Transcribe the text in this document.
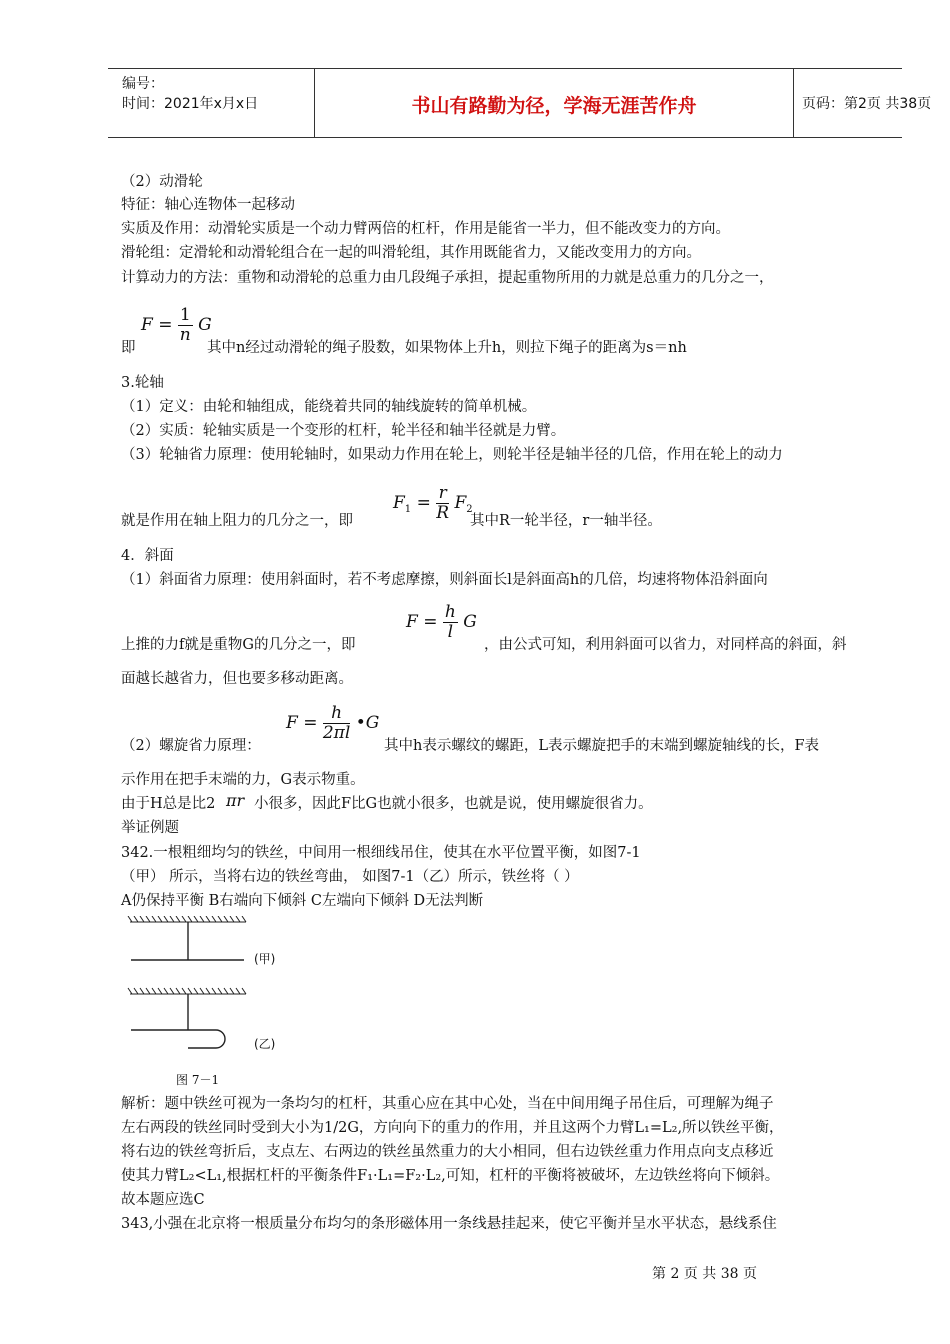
编号：
时间：2021年x月x日	书山有路勤为径，学海无涯苦作舟	页码：第2页 共38页
（2）动滑轮
特征：轴心连物体一起移动
实质及作用：动滑轮实质是一个动力臂两倍的杠杆，作用是能省一半力，但不能改变力的方向。
滑轮组：定滑轮和动滑轮组合在一起的叫滑轮组，其作用既能省力，又能改变用力的方向。
计算动力的方法：重物和动滑轮的总重力由几段绳子承担，提起重物所用的力就是总重力的几分之一，
$F = \frac{1}{n}$ G
即	其中n经过动滑轮的绳子股数，如果物体上升h，则拉下绳子的距离为s＝nh
3.轮轴
（1）定义：由轮和轴组成，能绕着共同的轴线旋转的简单机械。
（2）实质：轮轴实质是一个变形的杠杆，轮半径和轴半径就是力臂。
（3）轮轴省力原理：使用轮轴时，如果动力作用在轮上，则轮半径是轴半径的几倍，作用在轮上的动力
$F_1 = \frac{r}{R} F_2$
就是作用在轴上阻力的几分之一，即	其中R一轮半径，r一轴半径。
4．斜面
（1）斜面省力原理：使用斜面时，若不考虑摩擦，则斜面长l是斜面高h的几倍，均速将物体沿斜面向
$F = \frac{h}{l}$ G
上推的力f就是重物G的几分之一，即	，由公式可知，利用斜面可以省力，对同样高的斜面，斜
面越长越省力，但也要多移动距离。
$F = \frac{h}{2\pi l}$ •G
（2）螺旋省力原理：	其中h表示螺纹的螺距，L表示螺旋把手的末端到螺旋轴线的长，F表
示作用在把手末端的力，G表示物重。
由于H总是比2 πr 小很多，因此F比G也就小很多，也就是说，使用螺旋很省力。
举证例题
342.一根粗细均匀的铁丝，中间用一根细线吊住，使其在水平位置平衡，如图7-1
（甲） 所示，当将右边的铁丝弯曲， 如图7-1（乙）所示，铁丝将（ ）
A仍保持平衡 B右端向下倾斜 C左端向下倾斜 D无法判断
(甲)
(乙)
图 7－1
解析：题中铁丝可视为一条均匀的杠杆，其重心应在其中心处，当在中间用绳子吊住后，可理解为绳子
左右两段的铁丝同时受到大小为1/2G，方向向下的重力的作用，并且这两个力臂L₁=L₂,所以铁丝平衡，
将右边的铁丝弯折后，支点左、右两边的铁丝虽然重力的大小相同，但右边铁丝重力作用点向支点移近
使其力臂L₂<L₁,根据杠杆的平衡条件F₁·L₁=F₂·L₂,可知，杠杆的平衡将被破坏，左边铁丝将向下倾斜。
故本题应选C
343,小强在北京将一根质量分布均匀的条形磁体用一条线悬挂起来，使它平衡并呈水平状态，悬线系住
第 2 页 共 38 页
